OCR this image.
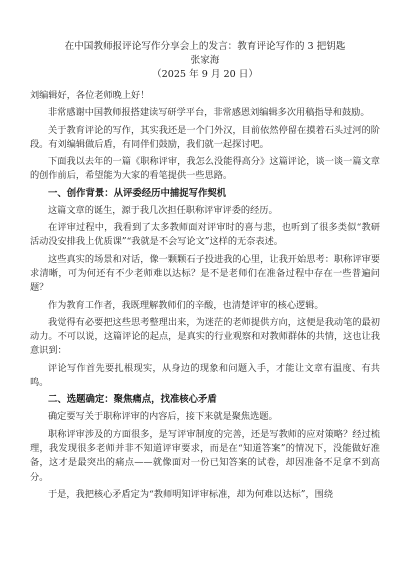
在中国教师报评论写作分享会上的发言：教育评论写作的 3 把钥匙

张家海

（2025 年 9 月 20 日）

刘编辑好，各位老师晚上好！

非常感谢中国教师报搭建读写研学平台，非常感恩刘编辑多次用稿指导和鼓励。

关于教育评论的写作，其实我还是一个门外汉，目前依然停留在摸着石头过河的阶段。有刘编辑做后盾，有同伴们鼓励，我们就一起探讨吧。

下面我以去年的一篇《职称评审，我怎么没能得高分》这篇评论，谈一谈一篇文章的创作前后，希望能为大家的看笔提供一些思路。

一、创作背景：从评委经历中捕捉写作契机

这篇文章的诞生，源于我几次担任职称评审评委的经历。

在评审过程中，我看到了太多教师面对评审时的喜与悲，也听到了很多类似“教研活动没安排我上优质课”“我就是不会写论文”这样的无奈表述。

这些真实的场景和对话，像一颗颗石子投进我的心里，让我开始思考：职称评审要求清晰，可为何还有不少老师难以达标？是不是老师们在准备过程中存在一些普遍问题？

作为教育工作者，我既理解教师们的辛酸，也清楚评审的核心逻辑。

我觉得有必要把这些思考整理出来，为迷茫的老师提供方向，这便是我动笔的最初动力。不可以说，这篇评论的起点，是真实的行业观察和对教师群体的共情，这也让我意识到：

评论写作首先要扎根现实，从身边的现象和问题入手，才能让文章有温度、有共鸣。

二、选题确定：聚焦痛点，找准核心矛盾

确定要写关于职称评审的内容后，接下来就是聚焦选题。

职称评审涉及的方面很多，是写评审制度的完善，还是写教师的应对策略？经过梳理，我发现很多老师并非不知道评审要求，而是在“知道答案”的情况下，没能做好准备，这才是最突出的痛点——就像面对一份已知答案的试卷，却因准备不足拿不到高分。

于是，我把核心矛盾定为“教师明知评审标准，却为何难以达标”，围绕
